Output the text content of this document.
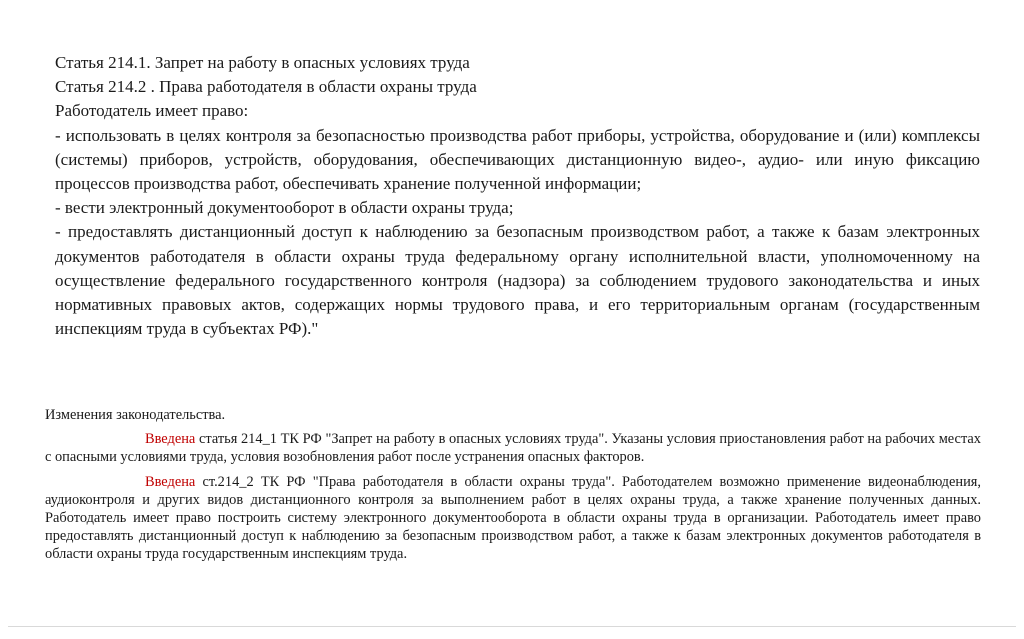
Статья 214.1. Запрет на работу в опасных условиях труда
Статья 214.2 . Права работодателя в области охраны труда
Работодатель имеет право:
- использовать в целях контроля за безопасностью производства работ приборы, устройства, оборудование и (или) комплексы (системы) приборов, устройств, оборудования, обеспечивающих дистанционную видео-, аудио- или иную фиксацию процессов производства работ, обеспечивать хранение полученной информации;
- вести электронный документооборот в области охраны труда;
- предоставлять дистанционный доступ к наблюдению за безопасным производством работ, а также к базам электронных документов работодателя в области охраны труда федеральному органу исполнительной власти, уполномоченному на осуществление федерального государственного контроля (надзора) за соблюдением трудового законодательства и иных нормативных правовых актов, содержащих нормы трудового права, и его территориальным органам (государственным инспекциям труда в субъектах РФ)."
Изменения законодательства.

Введена статья 214_1 ТК РФ "Запрет на работу в опасных условиях труда". Указаны условия приостановления работ на рабочих местах с опасными условиями труда, условия возобновления работ после устранения опасных факторов.

Введена ст.214_2 ТК РФ "Права работодателя в области охраны труда". Работодателем возможно применение видеонаблюдения, аудиоконтроля и других видов дистанционного контроля за выполнением работ в целях охраны труда, а также хранение полученных данных. Работодатель имеет право построить систему электронного документооборота в области охраны труда в организации. Работодатель имеет право предоставлять дистанционный доступ к наблюдению за безопасным производством работ, а также к базам электронных документов работодателя в области охраны труда государственным инспекциям труда.
